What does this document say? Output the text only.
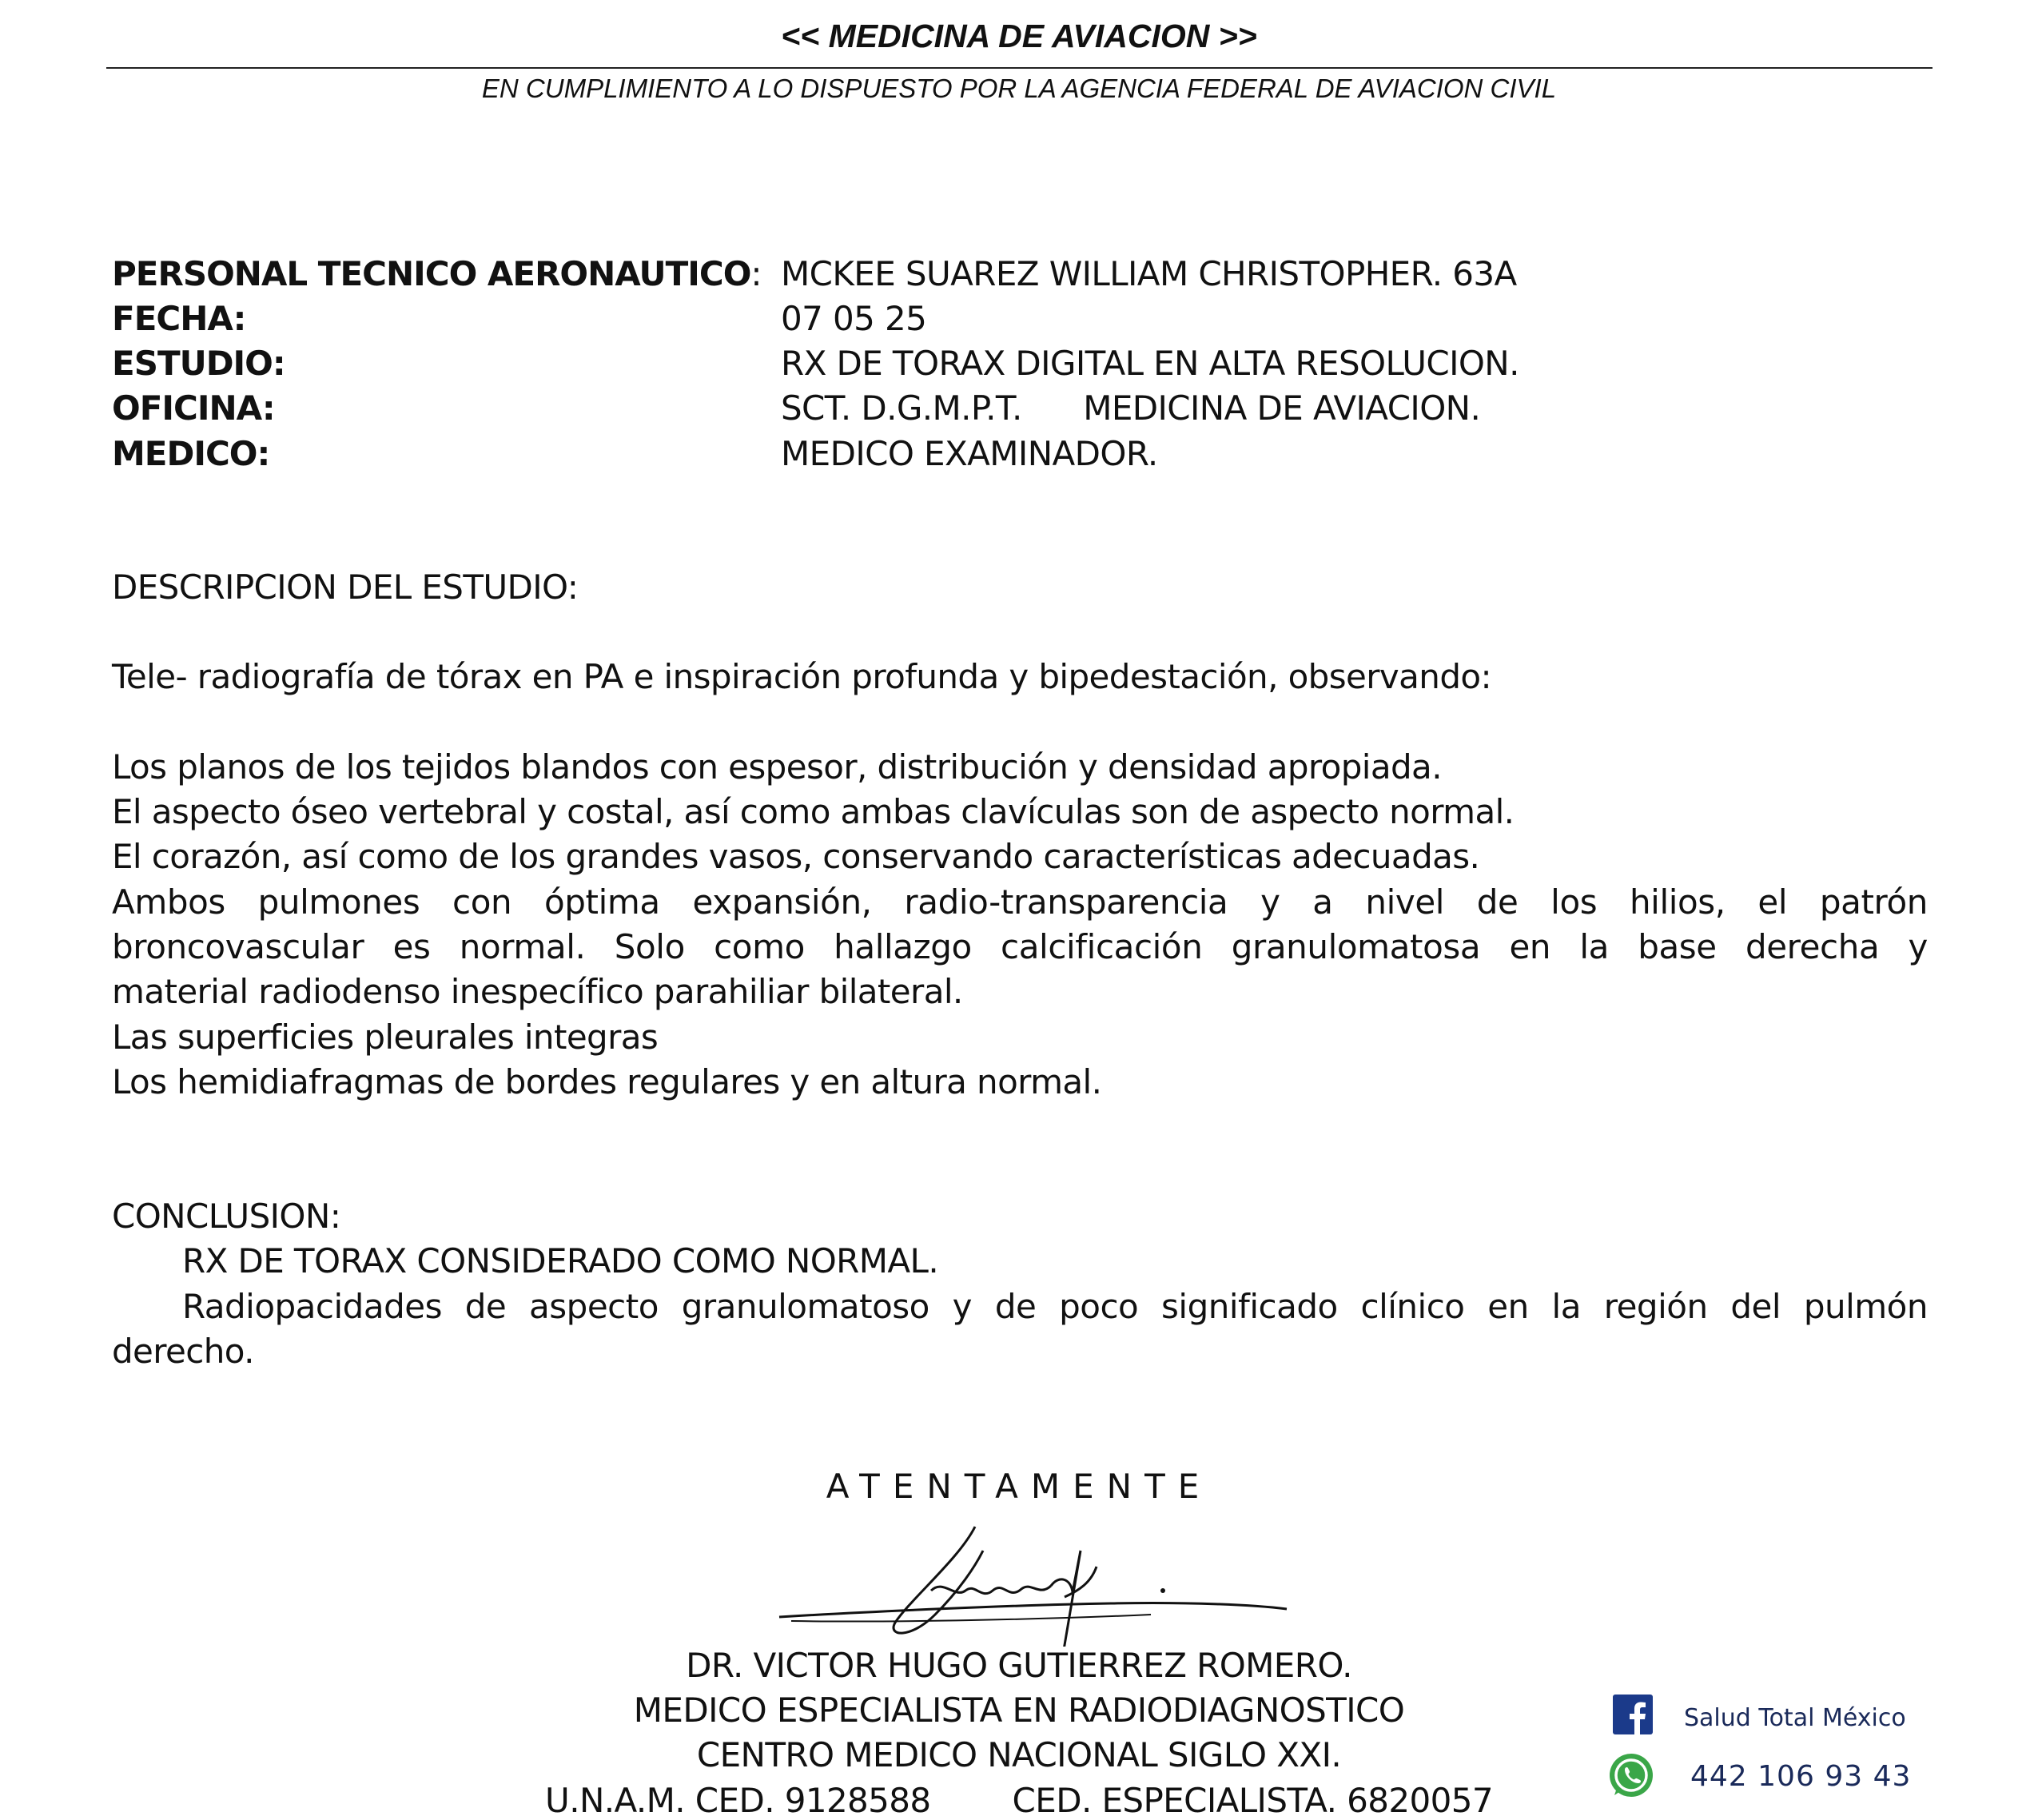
<< MEDICINA DE AVIACION >>
EN CUMPLIMIENTO A LO DISPUESTO POR LA AGENCIA FEDERAL DE AVIACION CIVIL
PERSONAL TECNICO AERONAUTICO: MCKEE SUAREZ WILLIAM CHRISTOPHER. 63A
FECHA:	07 05 25
ESTUDIO:	RX DE TORAX DIGITAL EN ALTA RESOLUCION.
OFICINA:	SCT. D.G.M.P.T.      MEDICINA DE AVIACION.
MEDICO:	MEDICO EXAMINADOR.
DESCRIPCION DEL ESTUDIO:
Tele- radiografía de tórax en PA e inspiración profunda y bipedestación, observando:
Los planos de los tejidos blandos con espesor, distribución y densidad apropiada.
El aspecto óseo vertebral y costal, así como ambas clavículas son de aspecto normal.
El corazón, así como de los grandes vasos, conservando características adecuadas.
Ambos pulmones con óptima expansión, radio-transparencia y a nivel de los hilios, el patrón
broncovascular es normal. Solo como hallazgo calcificación granulomatosa en la base derecha y
material radiodenso inespecífico parahiliar bilateral.
Las superficies pleurales integras
Los hemidiafragmas de bordes regulares y en altura normal.
CONCLUSION:
RX DE TORAX CONSIDERADO COMO NORMAL.
Radiopacidades de aspecto granulomatoso y de poco significado clínico en la región del pulmón
derecho.
ATENTAMENTE
DR. VICTOR HUGO GUTIERREZ ROMERO.
MEDICO ESPECIALISTA EN RADIODIAGNOSTICO
CENTRO MEDICO NACIONAL SIGLO XXI.
U.N.A.M. CED. 9128588        CED. ESPECIALISTA. 6820057
Salud Total México
442 106 93 43
